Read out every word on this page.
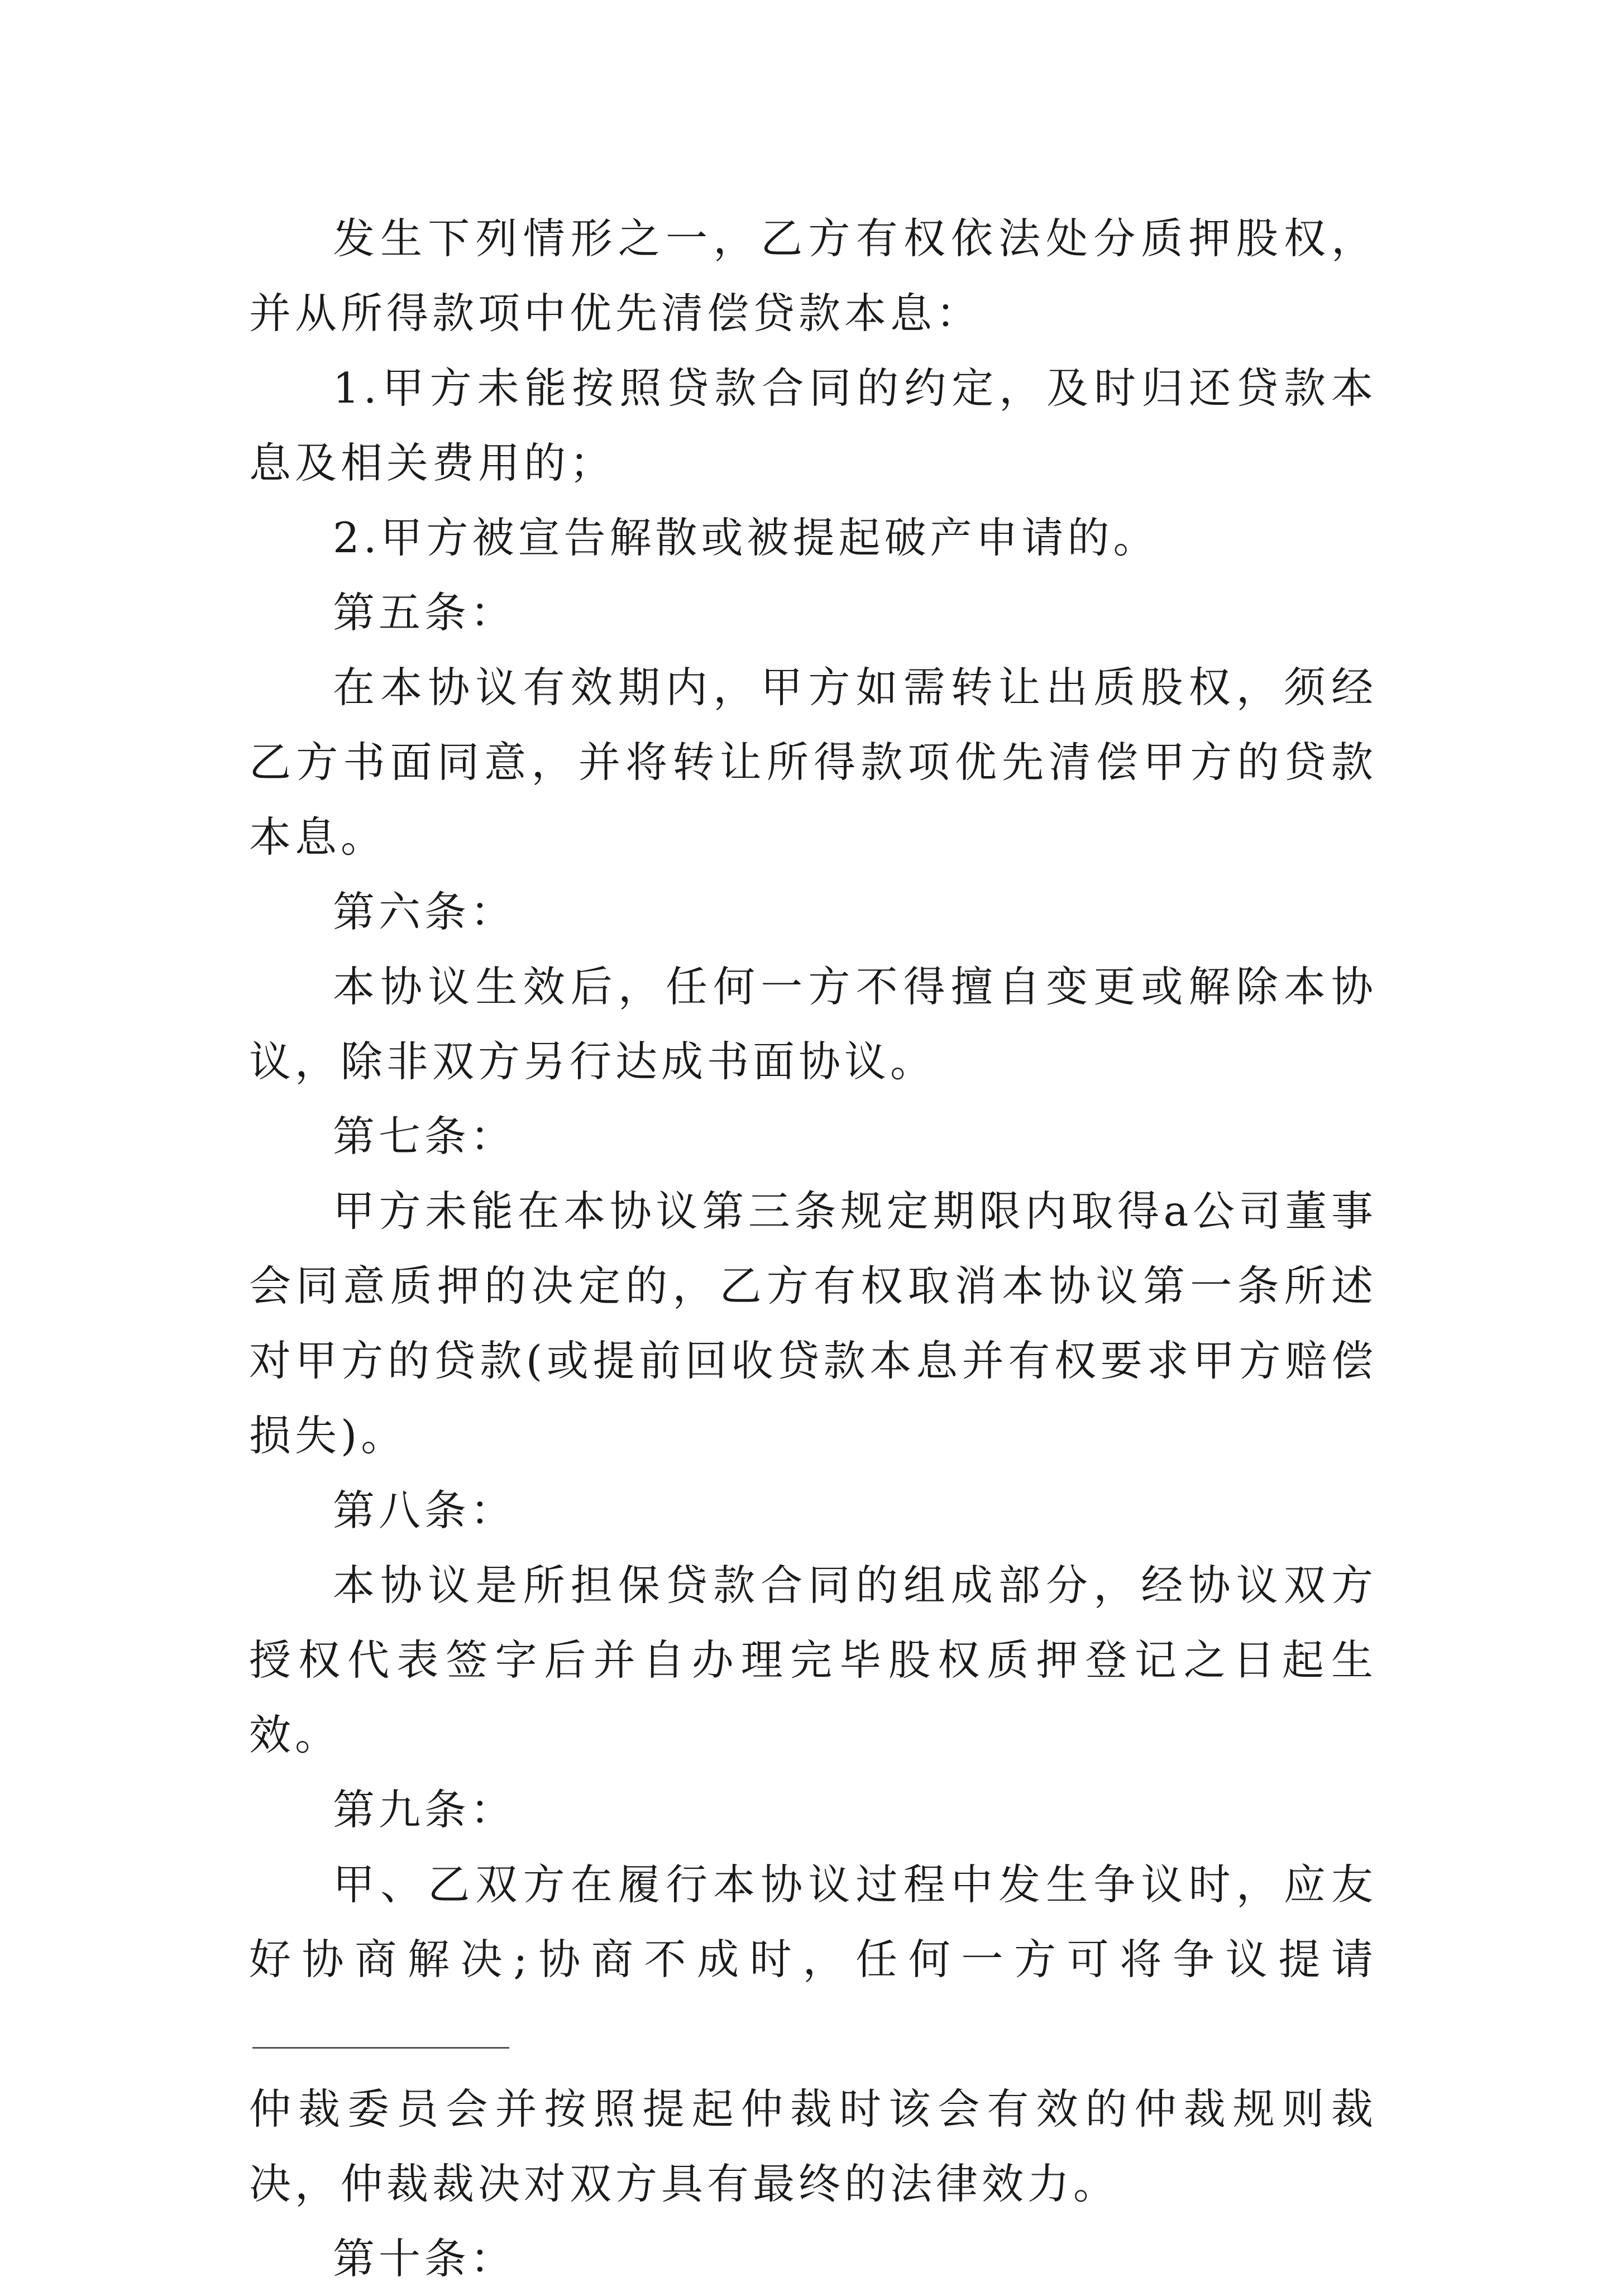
发生下列情形之一，乙方有权依法处分质押股权，并从所得款项中优先清偿贷款本息：

1.甲方未能按照贷款合同的约定，及时归还贷款本息及相关费用的；

2.甲方被宣告解散或被提起破产申请的。

第五条：

在本协议有效期内，甲方如需转让出质股权，须经乙方书面同意，并将转让所得款项优先清偿甲方的贷款本息。

第六条：

本协议生效后，任何一方不得擅自变更或解除本协议，除非双方另行达成书面协议。

第七条：

甲方未能在本协议第三条规定期限内取得a公司董事会同意质押的决定的，乙方有权取消本协议第一条所述对甲方的贷款(或提前回收贷款本息并有权要求甲方赔偿损失)。

第八条：

本协议是所担保贷款合同的组成部分，经协议双方授权代表签字后并自办理完毕股权质押登记之日起生效。

第九条：

甲、乙双方在履行本协议过程中发生争议时，应友好协商解决;协商不成时，任何一方可将争议提请

仲裁委员会并按照提起仲裁时该会有效的仲裁规则裁决，仲裁裁决对双方具有最终的法律效力。

第十条：
